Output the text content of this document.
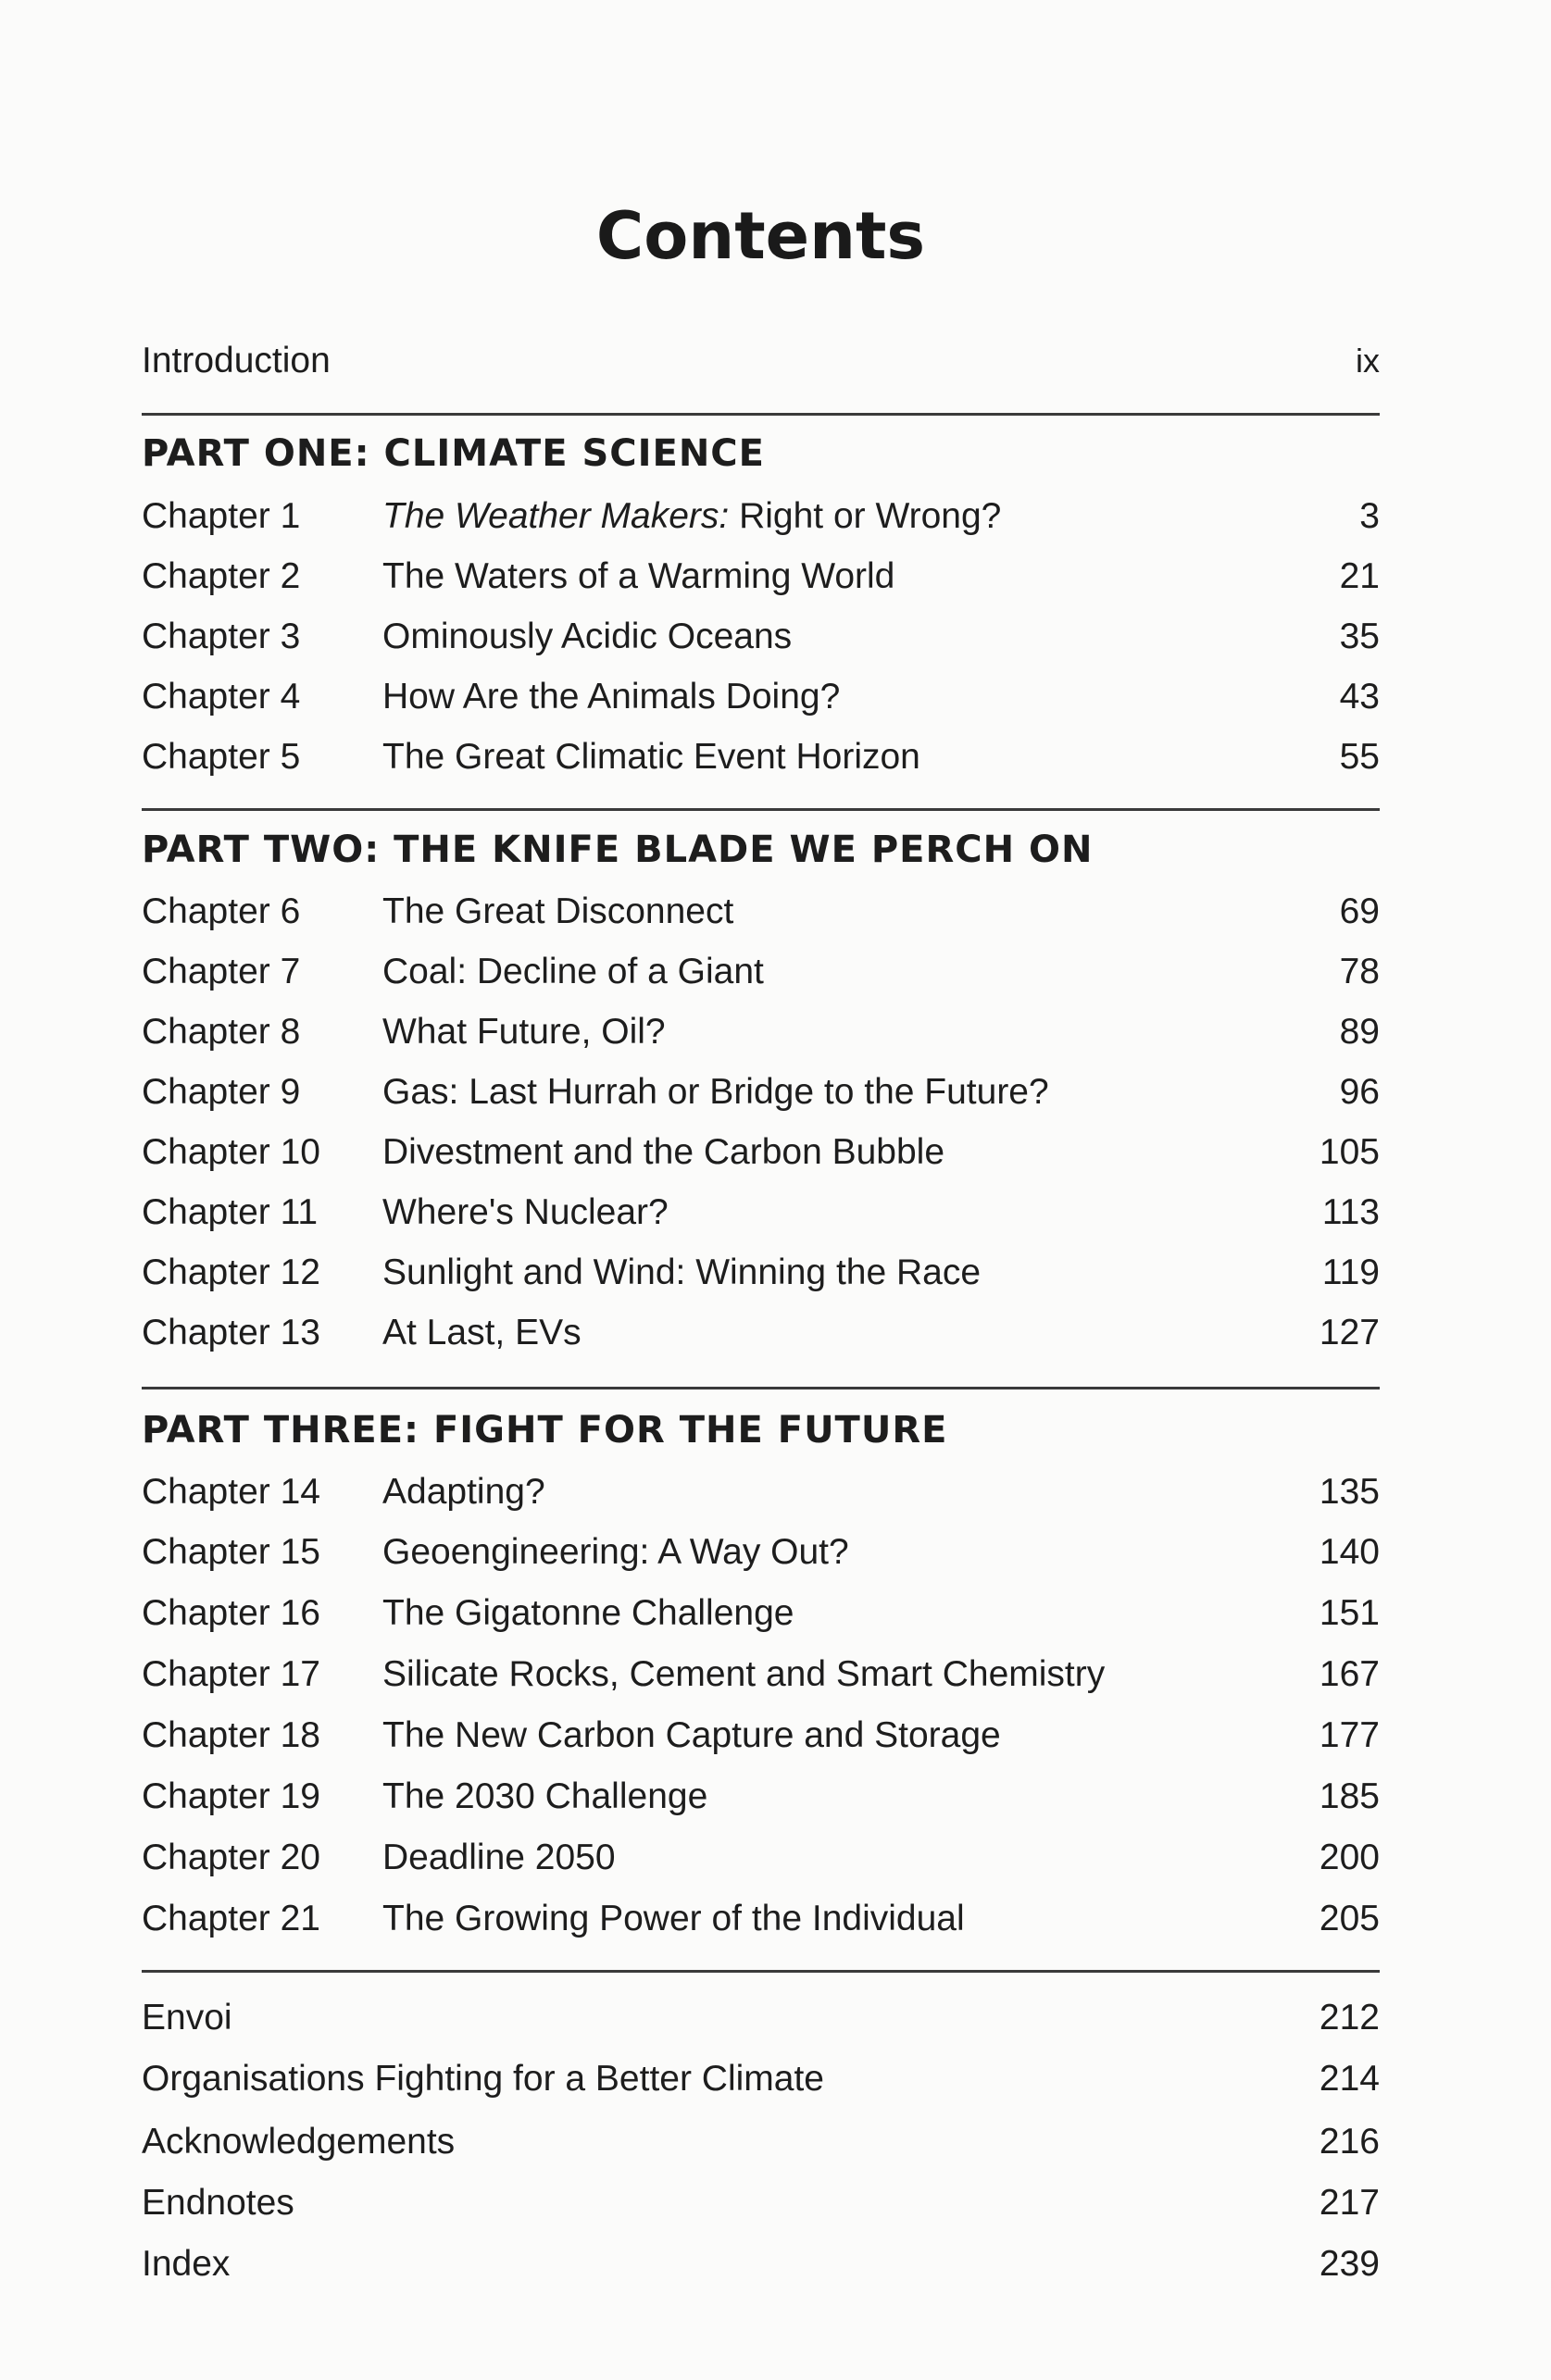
Contents
Introduction	ix
PART ONE: CLIMATE SCIENCE
Chapter 1 The Weather Makers: Right or Wrong?	3
Chapter 2 The Waters of a Warming World	21
Chapter 3 Ominously Acidic Oceans	35
Chapter 4 How Are the Animals Doing?	43
Chapter 5 The Great Climatic Event Horizon	55
PART TWO: THE KNIFE BLADE WE PERCH ON
Chapter 6 The Great Disconnect	69
Chapter 7 Coal: Decline of a Giant	78
Chapter 8 What Future, Oil?	89
Chapter 9 Gas: Last Hurrah or Bridge to the Future?	96
Chapter 10 Divestment and the Carbon Bubble	105
Chapter 11 Where's Nuclear?	113
Chapter 12 Sunlight and Wind: Winning the Race	119
Chapter 13 At Last, EVs	127
PART THREE: FIGHT FOR THE FUTURE
Chapter 14 Adapting?	135
Chapter 15 Geoengineering: A Way Out?	140
Chapter 16 The Gigatonne Challenge	151
Chapter 17 Silicate Rocks, Cement and Smart Chemistry	167
Chapter 18 The New Carbon Capture and Storage	177
Chapter 19 The 2030 Challenge	185
Chapter 20 Deadline 2050	200
Chapter 21 The Growing Power of the Individual	205
Envoi	212
Organisations Fighting for a Better Climate	214
Acknowledgements	216
Endnotes	217
Index	239
